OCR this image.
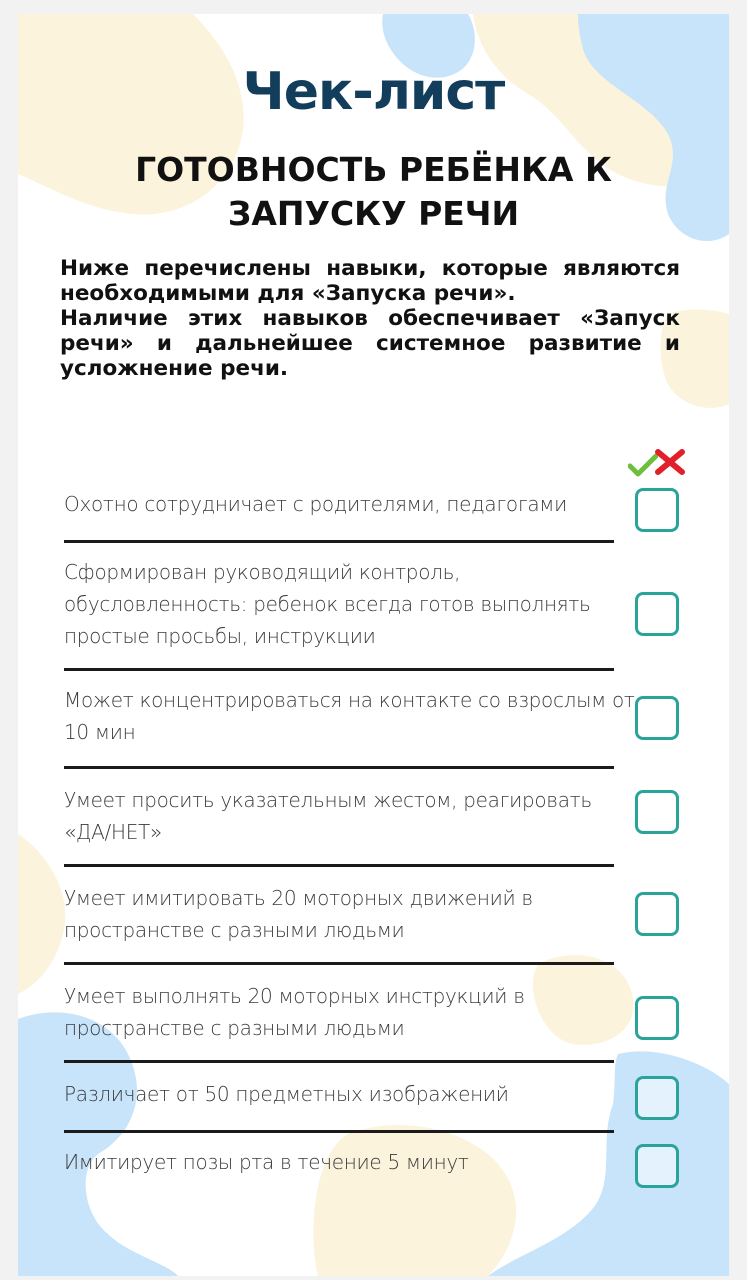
Чек-лист
ГОТОВНОСТЬ РЕБЁНКА К ЗАПУСКУ РЕЧИ

Ниже перечислены навыки, которые являются необходимыми для «Запуска речи».

Наличие этих навыков обеспечивает «Запуск речи» и дальнейшее системное развитие и усложнение речи.

Охотно сотрудничает с родителями, педагогами
Сформирован руководящий контроль, обусловленность: ребенок всегда готов выполнять простые просьбы, инструкции
Может концентрироваться на контакте со взрослым от 10 мин
Умеет просить указательным жестом, реагировать «ДА/НЕТ»
Умеет имитировать 20 моторных движений в пространстве с разными людьми
Умеет выполнять 20 моторных инструкций в пространстве с разными людьми
Различает от 50 предметных изображений
Имитирует позы рта в течение 5 минут
